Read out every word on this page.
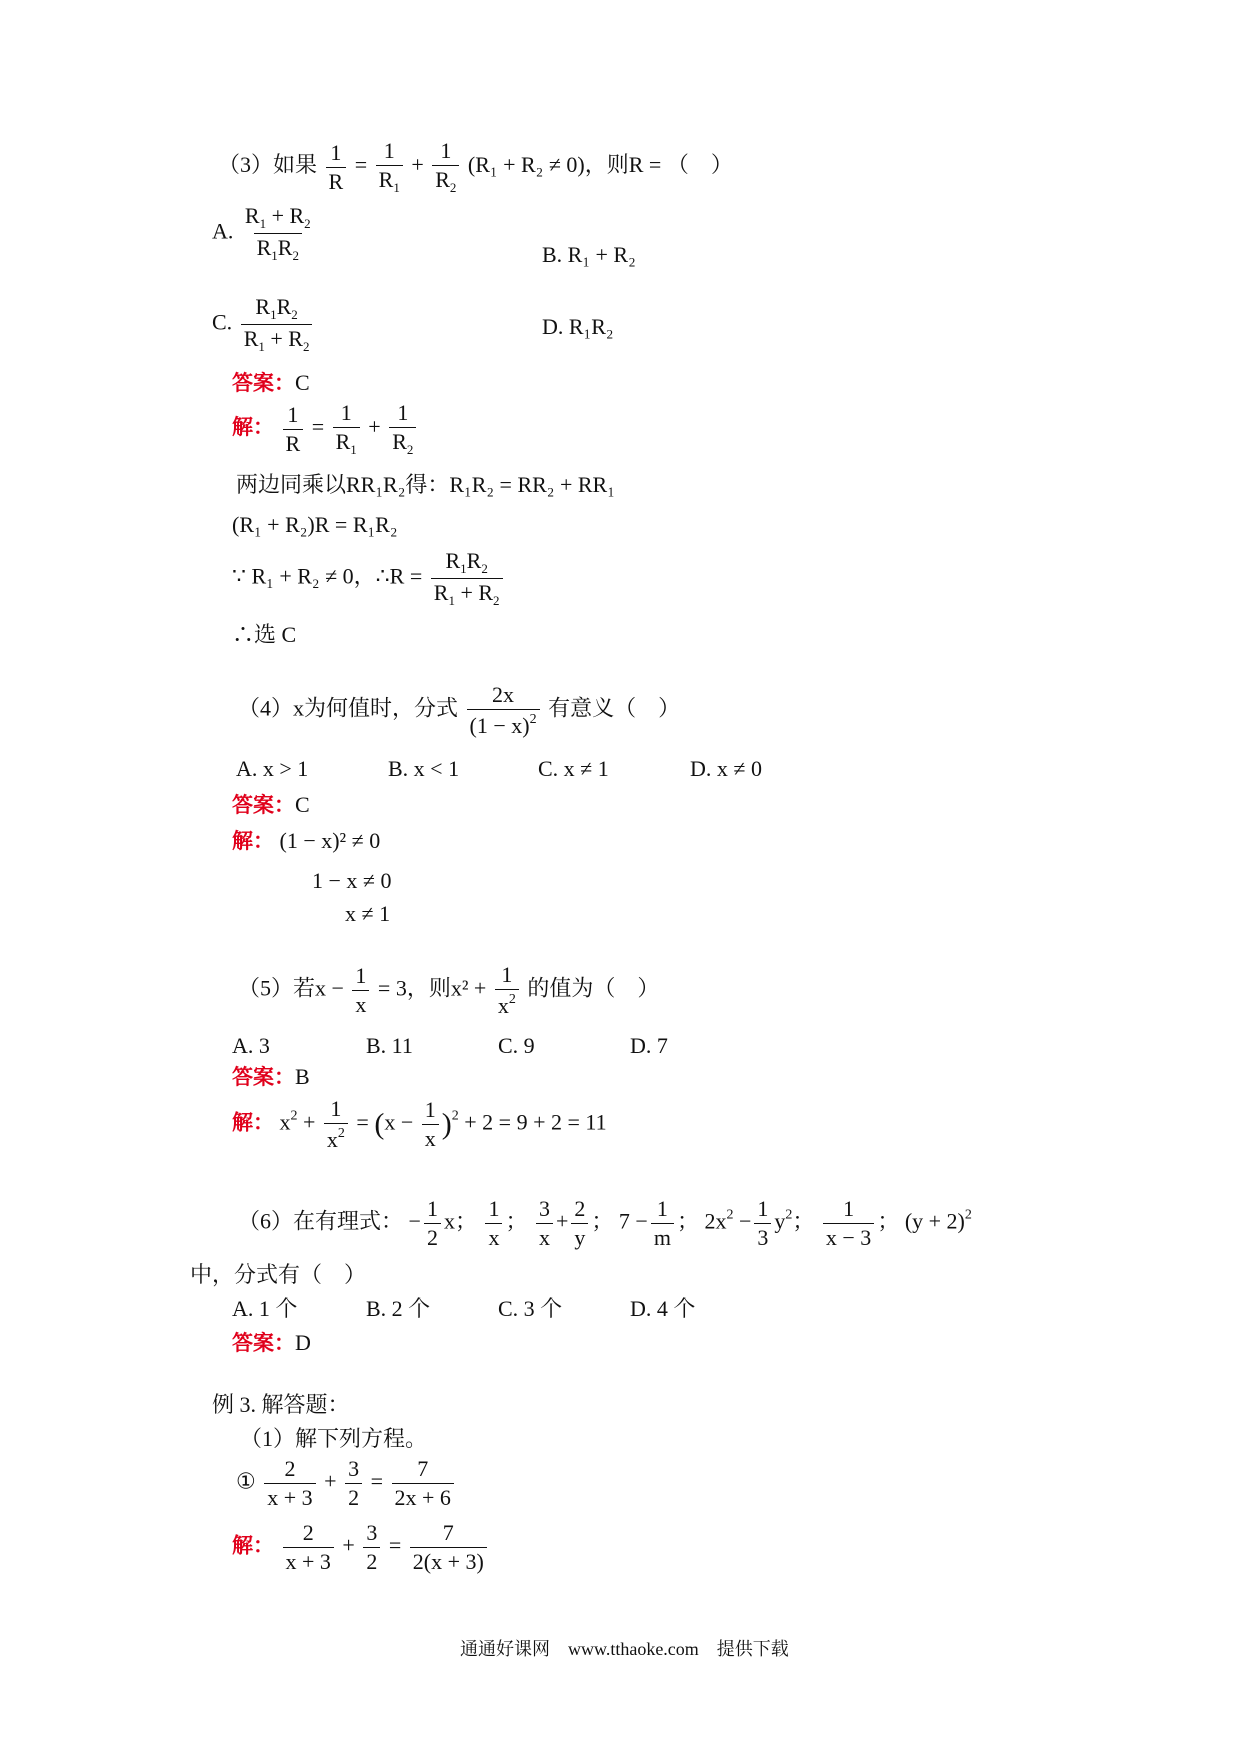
（3）如果 $\frac{1}{R} = \frac{1}{R_1} + \frac{1}{R_2} (R_1 + R_2 \ne 0)$，则R = （　）
A. $\frac{R_1 + R_2}{R_1R_2}$	B. R₁ + R₂
C. $\frac{R_1R_2}{R_1 + R_2}$	D. R₁R₂
答案：C
解： $\frac{1}{R} = \frac{1}{R_1} + \frac{1}{R_2}$
两边同乘以RR₁R₂得：R₁R₂ = RR₂ + RR₁
(R₁ + R₂)R = R₁R₂
∵ R₁ + R₂ ≠ 0，∴R = $\frac{R_1R_2}{R_1 + R_2}$
∴选 C
（4）x为何值时，分式 $\frac{2x}{(1 - x)^2}$ 有意义（　）
A. x > 1	B. x < 1	C. x ≠ 1	D. x ≠ 0
答案：C
解： (1 − x)² ≠ 0
1 − x ≠ 0
x ≠ 1
（5）若$x - \frac{1}{x} = 3$，则$x^2 + \frac{1}{x^2}$ 的值为（　）
A. 3	B. 11	C. 9	D. 7
答案：B
解： $x^2 + \frac{1}{x^2} = (x - \frac{1}{x} )^2 + 2 = 9 + 2 = 11$
（6）在有理式： − $\frac{1}{2}$ x； $\frac{1}{x}$ ； $\frac{3}{x} + \frac{2}{y}$ ； $7 - \frac{1}{m}$ ； $2x^2 - \frac{1}{3} y^2$； $\frac{1}{x - 3}$ ； $(y + 2)^2$
中，分式有（　）
A. 1 个	B. 2 个	C. 3 个	D. 4 个
答案：D
例 3. 解答题：
（1）解下列方程。
① $\frac{2}{x + 3} + \frac{3}{2} = \frac{7}{2x + 6}$
解： $\frac{2}{x + 3} + \frac{3}{2} = \frac{7}{2(x + 3)}$
通通好课网　www.tthaoke.com　提供下载
